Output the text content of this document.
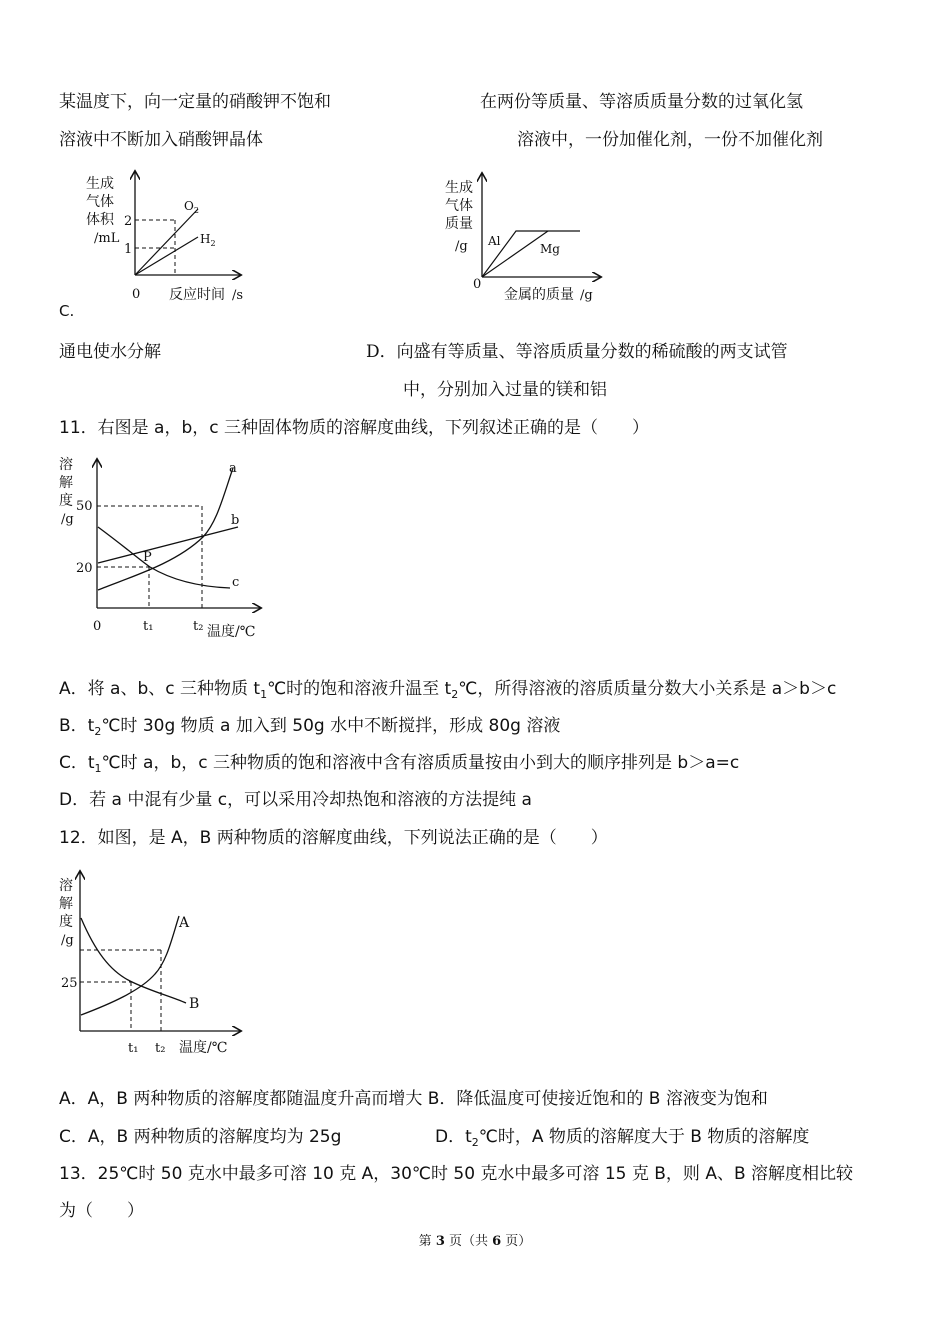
某温度下，向一定量的硝酸钾不饱和
溶液中不断加入硝酸钾晶体
在两份等质量、等溶质质量分数的过氧化氢
溶液中，一份加催化剂，一份不加催化剂
生成
气体
体积
/mL
2
1
0 反应时间 /s
$O_2$
$H_2$
生成
气体
质量
/g
0
Al
Mg
金属的质量 /g
C.
通电使水分解	D．向盛有等质量、等溶质质量分数的稀硫酸的两支试管
中，分别加入过量的镁和铝
11．右图是 a，b，c 三种固体物质的溶解度曲线，下列叙述正确的是（　　）
溶
解
度
/g
50
20
0	t₁	t₂ 温度/℃
P
a
b
c
A．将 a、b、c 三种物质 $t_1℃$时的饱和溶液升温至 $t_2℃$，所得溶液的溶质质量分数大小关系是 a＞b＞c
B．$t_2℃$时 30g 物质 a 加入到 50g 水中不断搅拌，形成 80g 溶液
C．$t_1℃$时 a，b，c 三种物质的饱和溶液中含有溶质质量按由小到大的顺序排列是 b＞a=c
D．若 a 中混有少量 c，可以采用冷却热饱和溶液的方法提纯 a
12．如图，是 A，B 两种物质的溶解度曲线，下列说法正确的是（　　）
溶
解
度
/g
25
t₁ t₂ 温度/℃
A
B
A．A，B 两种物质的溶解度都随温度升高而增大 B．降低温度可使接近饱和的 B 溶液变为饱和
C．A，B 两种物质的溶解度均为 25g	D．$t_2℃$时，A 物质的溶解度大于 B 物质的溶解度
13．25℃时 50 克水中最多可溶 10 克 A，30℃时 50 克水中最多可溶 15 克 B，则 A、B 溶解度相比较
为（　　）
第 3 页（共 6 页）
